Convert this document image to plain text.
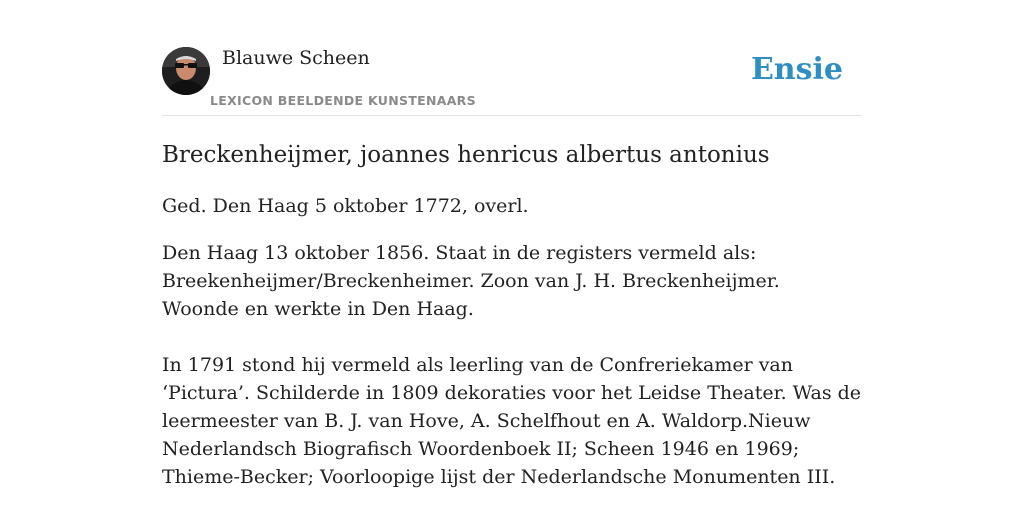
Blauwe Scheen
LEXICON BEELDENDE KUNSTENAARS
Ensie
Breckenheijmer, joannes henricus albertus antonius

Ged. Den Haag 5 oktober 1772, overl.

Den Haag 13 oktober 1856. Staat in de registers vermeld als: Breekenheijmer/Breckenheimer. Zoon van J. H. Breckenheijmer. Woonde en werkte in Den Haag.

In 1791 stond hij vermeld als leerling van de Confreriekamer van ‘Pictura’. Schilderde in 1809 dekoraties voor het Leidse Theater. Was de leermeester van B. J. van Hove, A. Schelfhout en A. Waldorp.Nieuw Nederlandsch Biografisch Woordenboek II; Scheen 1946 en 1969; Thieme-Becker; Voorloopige lijst der Nederlandsche Monumenten III.
